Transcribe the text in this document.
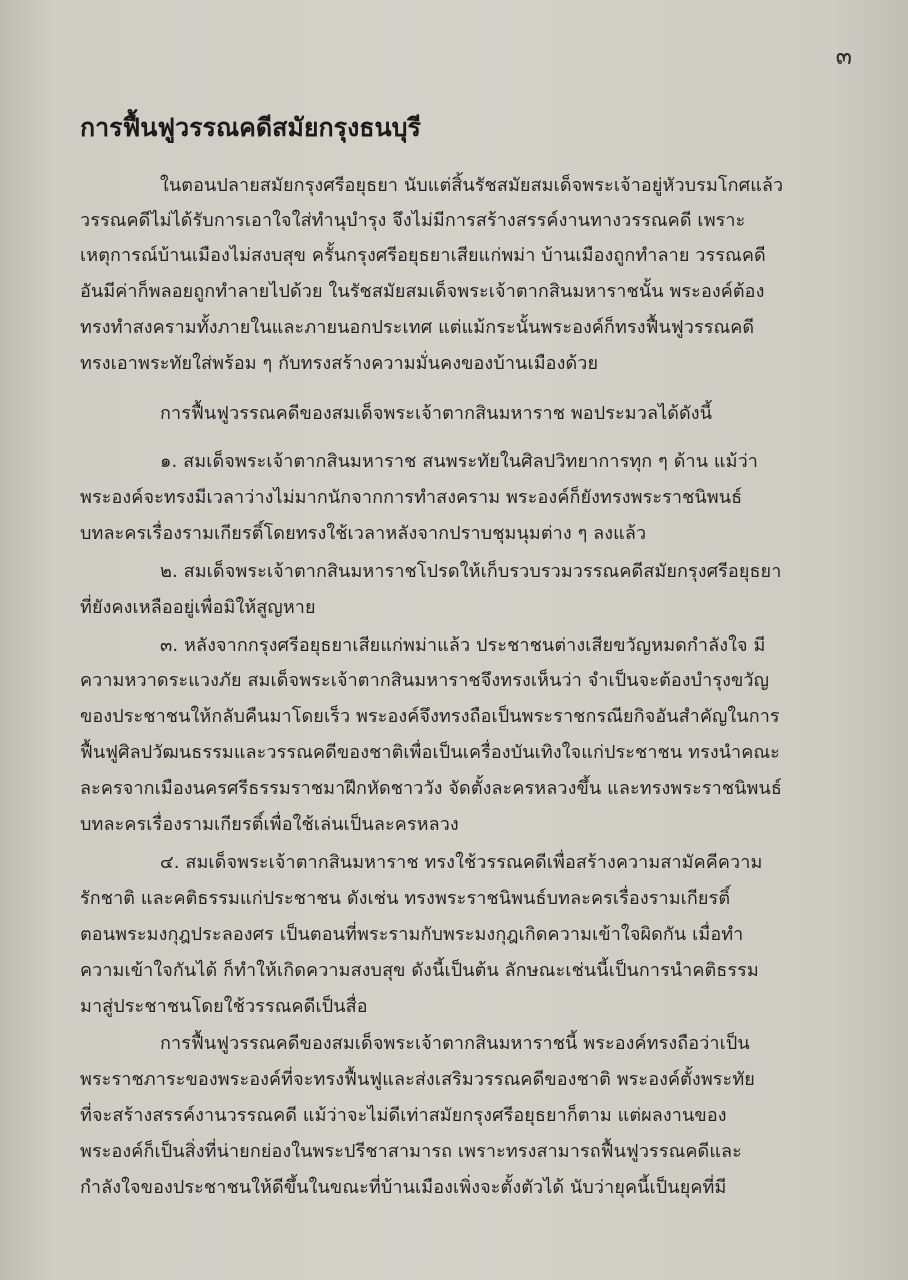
๓
การฟื้นฟูวรรณคดีสมัยกรุงธนบุรี
ในตอนปลายสมัยกรุงศรีอยุธยา นับแต่สิ้นรัชสมัยสมเด็จพระเจ้าอยู่หัวบรมโกศแล้ว
วรรณคดีไม่ได้รับการเอาใจใส่ทำนุบำรุง จึงไม่มีการสร้างสรรค์งานทางวรรณคดี เพราะ
เหตุการณ์บ้านเมืองไม่สงบสุข ครั้นกรุงศรีอยุธยาเสียแก่พม่า บ้านเมืองถูกทำลาย วรรณคดี
อันมีค่าก็พลอยถูกทำลายไปด้วย ในรัชสมัยสมเด็จพระเจ้าตากสินมหาราชนั้น พระองค์ต้อง
ทรงทำสงครามทั้งภายในและภายนอกประเทศ แต่แม้กระนั้นพระองค์ก็ทรงฟื้นฟูวรรณคดี
ทรงเอาพระทัยใส่พร้อม ๆ กับทรงสร้างความมั่นคงของบ้านเมืองด้วย
การฟื้นฟูวรรณคดีของสมเด็จพระเจ้าตากสินมหาราช พอประมวลได้ดังนี้
๑. สมเด็จพระเจ้าตากสินมหาราช สนพระทัยในศิลปวิทยาการทุก ๆ ด้าน แม้ว่า
พระองค์จะทรงมีเวลาว่างไม่มากนักจากการทำสงคราม พระองค์ก็ยังทรงพระราชนิพนธ์
บทละครเรื่องรามเกียรติ์โดยทรงใช้เวลาหลังจากปราบชุมนุมต่าง ๆ ลงแล้ว
๒. สมเด็จพระเจ้าตากสินมหาราชโปรดให้เก็บรวบรวมวรรณคดีสมัยกรุงศรีอยุธยา
ที่ยังคงเหลืออยู่เพื่อมิให้สูญหาย
๓. หลังจากกรุงศรีอยุธยาเสียแก่พม่าแล้ว ประชาชนต่างเสียขวัญหมดกำลังใจ มี
ความหวาดระแวงภัย สมเด็จพระเจ้าตากสินมหาราชจึงทรงเห็นว่า จำเป็นจะต้องบำรุงขวัญ
ของประชาชนให้กลับคืนมาโดยเร็ว พระองค์จึงทรงถือเป็นพระราชกรณียกิจอันสำคัญในการ
ฟื้นฟูศิลปวัฒนธรรมและวรรณคดีของชาติเพื่อเป็นเครื่องบันเทิงใจแก่ประชาชน ทรงนำคณะ
ละครจากเมืองนครศรีธรรมราชมาฝึกหัดชาววัง จัดตั้งละครหลวงขึ้น และทรงพระราชนิพนธ์
บทละครเรื่องรามเกียรติ์เพื่อใช้เล่นเป็นละครหลวง
๔. สมเด็จพระเจ้าตากสินมหาราช ทรงใช้วรรณคดีเพื่อสร้างความสามัคคีความ
รักชาติ และคติธรรมแก่ประชาชน ดังเช่น ทรงพระราชนิพนธ์บทละครเรื่องรามเกียรติ์
ตอนพระมงกุฎประลองศร เป็นตอนที่พระรามกับพระมงกุฎเกิดความเข้าใจผิดกัน เมื่อทำ
ความเข้าใจกันได้ ก็ทำให้เกิดความสงบสุข ดังนี้เป็นต้น ลักษณะเช่นนี้เป็นการนำคติธรรม
มาสู่ประชาชนโดยใช้วรรณคดีเป็นสื่อ
การฟื้นฟูวรรณคดีของสมเด็จพระเจ้าตากสินมหาราชนี้ พระองค์ทรงถือว่าเป็น
พระราชภาระของพระองค์ที่จะทรงฟื้นฟูและส่งเสริมวรรณคดีของชาติ พระองค์ตั้งพระทัย
ที่จะสร้างสรรค์งานวรรณคดี แม้ว่าจะไม่ดีเท่าสมัยกรุงศรีอยุธยาก็ตาม แต่ผลงานของ
พระองค์ก็เป็นสิ่งที่น่ายกย่องในพระปรีชาสามารถ เพราะทรงสามารถฟื้นฟูวรรณคดีและ
กำลังใจของประชาชนให้ดีขึ้นในขณะที่บ้านเมืองเพิ่งจะตั้งตัวได้ นับว่ายุคนี้เป็นยุคที่มี
